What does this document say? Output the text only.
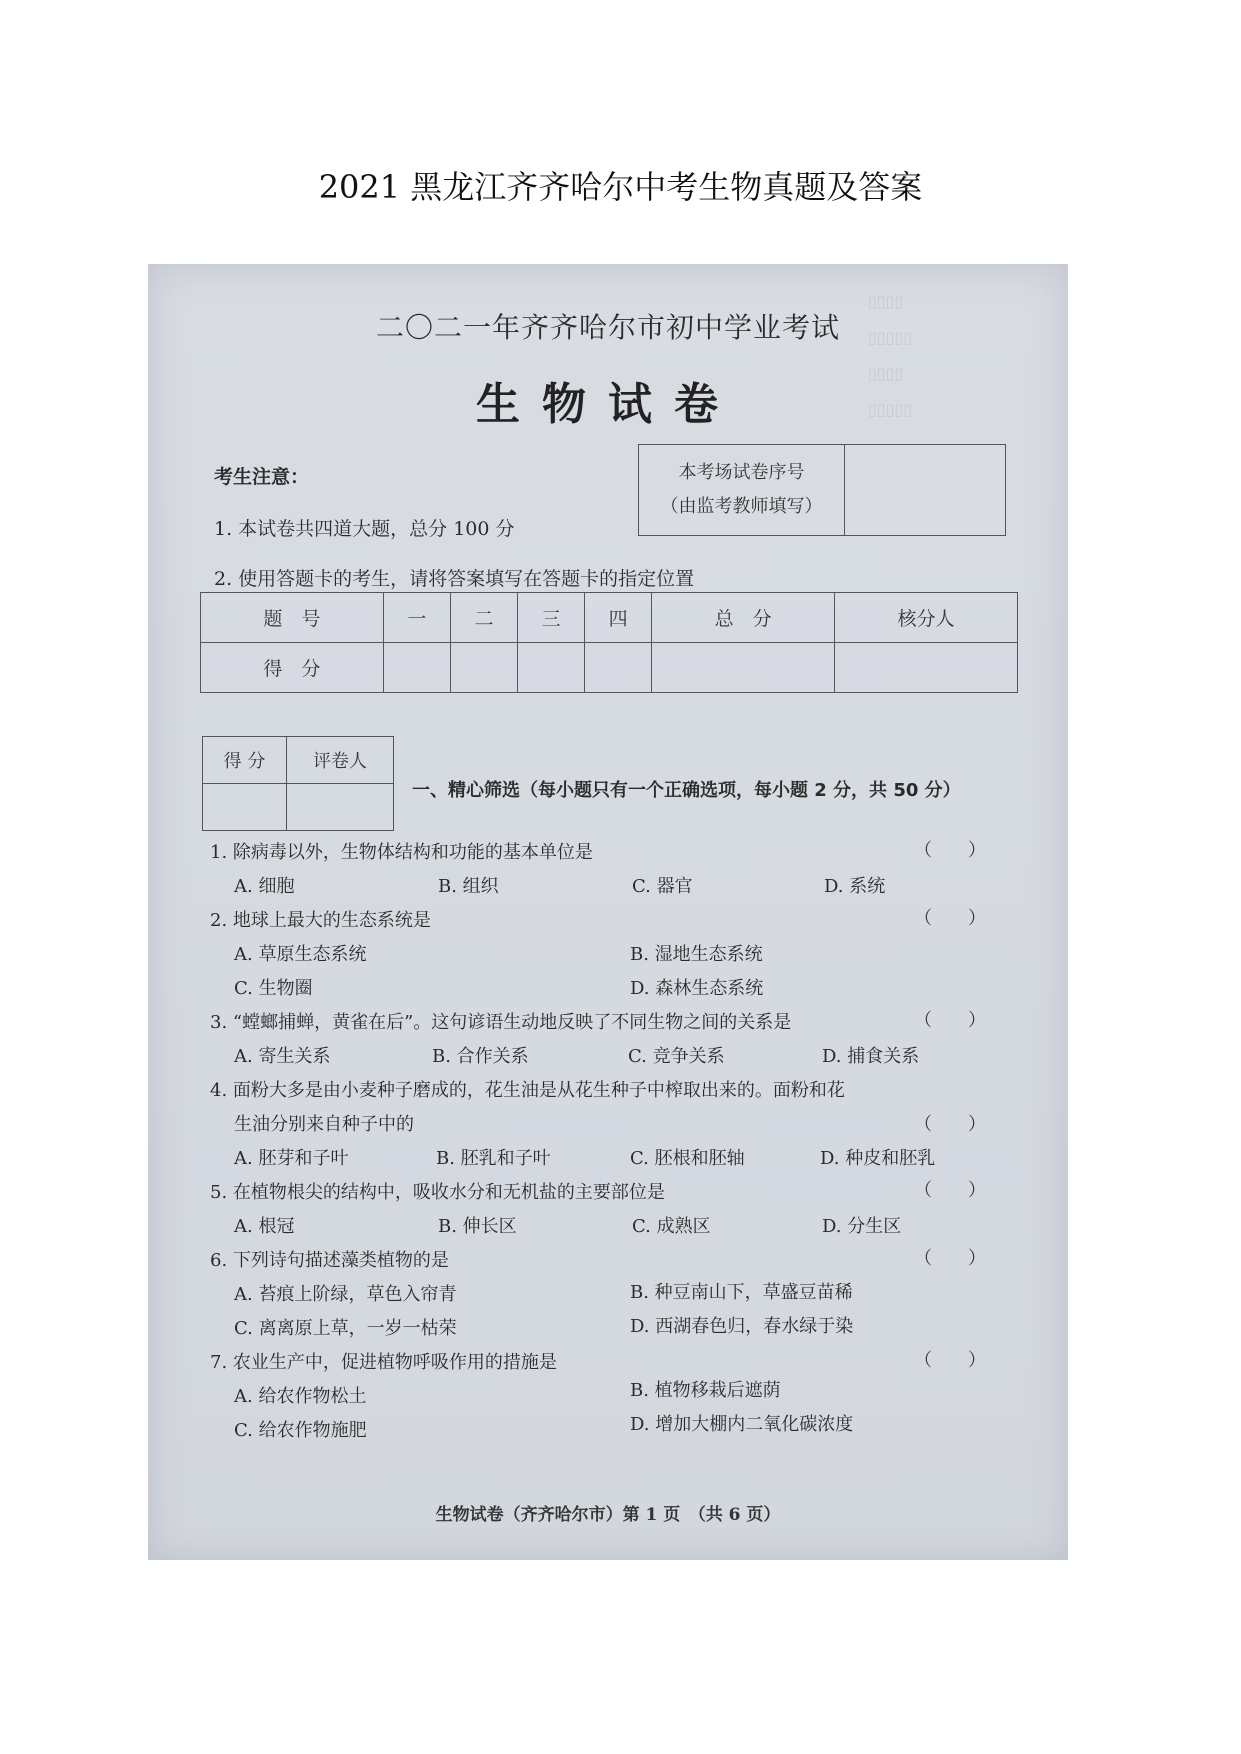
2021 黑龙江齐齐哈尔中考生物真题及答案
▯▯▯▯
▯▯▯▯▯
▯▯▯▯
▯▯▯▯▯
二〇二一年齐齐哈尔市初中学业考试
生物试卷
考生注意：
1. 本试卷共四道大题，总分 100 分
2. 使用答题卡的考生，请将答案填写在答题卡的指定位置
本考场试卷序号
（由监考教师填写）
题　号	一	二	三	四	总　分	核分人
得　分						
得 分	评卷人

一、精心筛选（每小题只有一个正确选项，每小题 2 分，共 50 分）
1. 除病毒以外，生物体结构和功能的基本单位是	（　　）
A. 细胞	B. 组织	C. 器官	D. 系统
2. 地球上最大的生态系统是	（　　）
A. 草原生态系统	B. 湿地生态系统
C. 生物圈	D. 森林生态系统
3. “螳螂捕蝉，黄雀在后”。这句谚语生动地反映了不同生物之间的关系是	（　　）
A. 寄生关系	B. 合作关系	C. 竞争关系	D. 捕食关系
4. 面粉大多是由小麦种子磨成的，花生油是从花生种子中榨取出来的。面粉和花
生油分别来自种子中的	（　　）
A. 胚芽和子叶	B. 胚乳和子叶	C. 胚根和胚轴	D. 种皮和胚乳
5. 在植物根尖的结构中，吸收水分和无机盐的主要部位是	（　　）
A. 根冠	B. 伸长区	C. 成熟区	D. 分生区
6. 下列诗句描述藻类植物的是	（　　）
A. 苔痕上阶绿，草色入帘青	B. 种豆南山下，草盛豆苗稀
C. 离离原上草，一岁一枯荣	D. 西湖春色归，春水绿于染
7. 农业生产中，促进植物呼吸作用的措施是	（　　）
A. 给农作物松土	B. 植物移栽后遮荫
C. 给农作物施肥	D. 增加大棚内二氧化碳浓度
生物试卷（齐齐哈尔市）第 1 页　（共 6 页）
